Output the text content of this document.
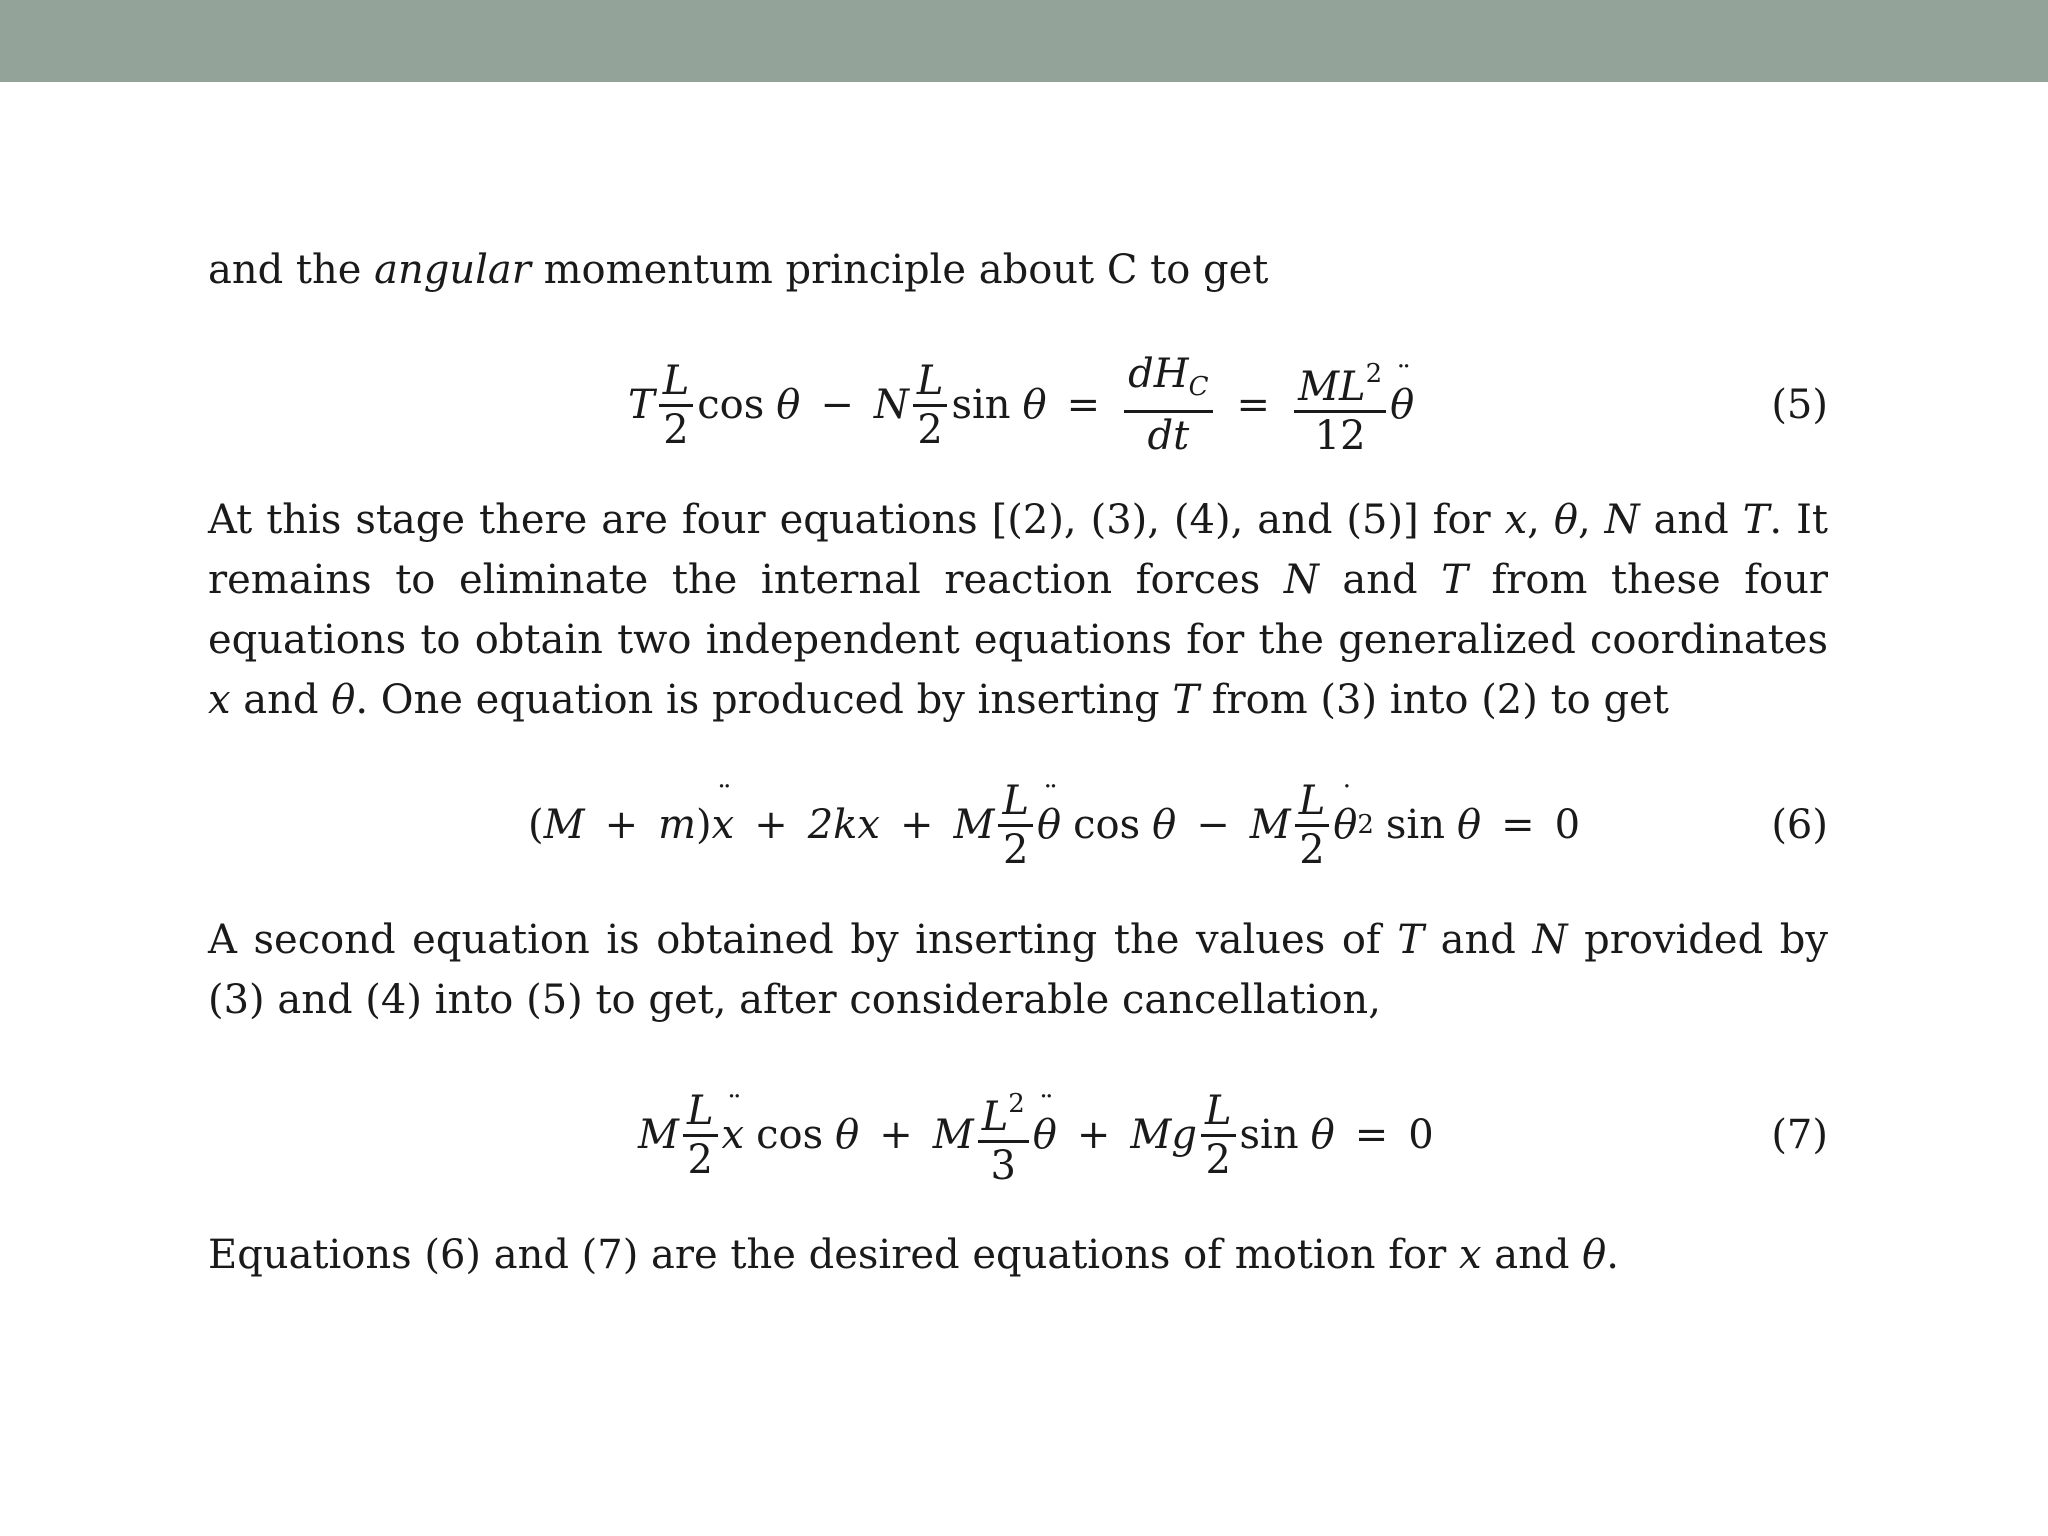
and the angular momentum principle about C to get
T $\frac{L}{2}$ cos θ − N $\frac{L}{2}$ $\sin \theta = \frac{dH_C}{dt} = \frac{ML^2}{12}$ ¨ θ	(5)
At this stage there are four equations [(2), (3), (4), and (5)] for x, θ, N and T. It remains to eliminate the internal reaction forces N and T from these four equations to obtain two independent equations for the generalized coordinates x and θ. One equation is produced by inserting T from (3) into (2) to get
( M + m ) ¨ x + 2k x + M $\frac{L}{2}$ ¨ θ cos θ − M $\frac{L}{2}$ ˙ θ 2 sin θ = 0	(6)
A second equation is obtained by inserting the values of T and N provided by (3) and (4) into (5) to get, after considerable cancellation,
M $\frac{L}{2}$ ¨ x cos θ + M $\frac{L^2}{3}$ ¨ θ + Mg $\frac{L}{2}$ sin θ = 0	(7)
Equations (6) and (7) are the desired equations of motion for x and θ.
